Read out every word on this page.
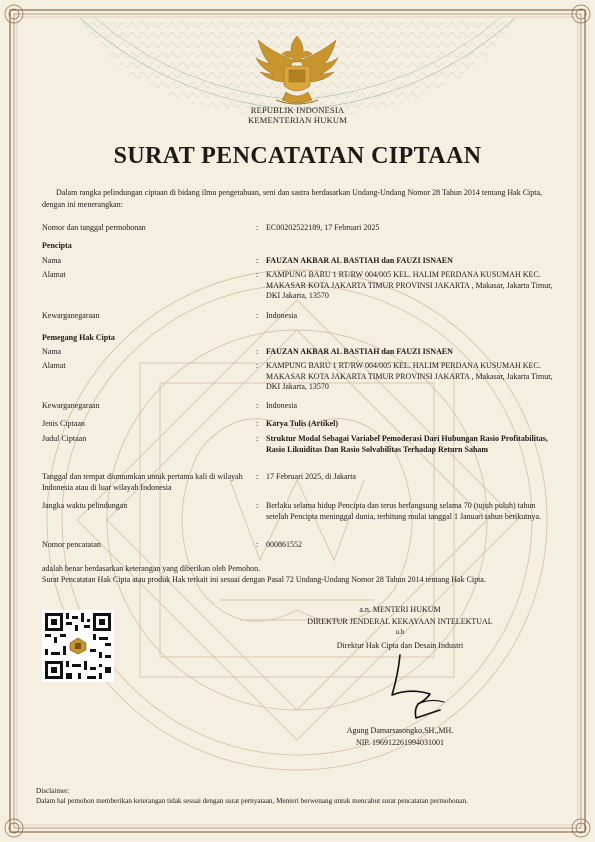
REPUBLIK INDONESIA
KEMENTERIAN HUKUM
SURAT PENCATATAN CIPTAAN
Dalam rangka pelindungan ciptaan di bidang ilmu pengetahuan, seni dan sastra berdasarkan Undang-Undang Nomor 28 Tahun 2014 tentang Hak Cipta, dengan ini menerangkan:
Nomor dan tanggal permohonan	: EC00202522189, 17 Februari 2025
Pencipta
Nama	: FAUZAN AKBAR AL BASTIAH dan FAUZI ISNAEN
Alamat	: KAMPUNG BARU 1 RT/RW 004/005 KEL. HALIM PERDANA KUSUMAH KEC. MAKASAR KOTA JAKARTA TIMUR PROVINSI JAKARTA , Makasar, Jakarta Timur, DKI Jakarta, 13570
Kewarganegaraan	: Indonesia
Pemegang Hak Cipta
Nama	: FAUZAN AKBAR AL BASTIAH dan FAUZI ISNAEN
Alamat	: KAMPUNG BARU 1 RT/RW 004/005 KEL. HALIM PERDANA KUSUMAH KEC. MAKASAR KOTA JAKARTA TIMUR PROVINSI JAKARTA , Makasar, Jakarta Timur, DKI Jakarta, 13570
Kewarganegaraan	: Indonesia
Jenis Ciptaan	: Karya Tulis (Artikel)
Judul Ciptaan	: Struktur Modal Sebagai Variabel Pemoderasi Dari Hubungan Rasio Profitabilitas, Rasio Likuiditas Dan Rasio Solvabilitas Terhadap Return Saham
Tanggal dan tempat diumumkan untuk pertama kali di wilayah Indonesia atau di luar wilayah Indonesia
: 17 Februari 2025, di Jakarta
Jangka waktu pelindungan	: Berlaku selama hidup Pencipta dan terus berlangsung selama 70 (tujuh puluh) tahun setelah Pencipta meninggal dunia, terhitung mulai tanggal 1 Januari tahun berikutnya.
Nomor pencatatan	: 000861552
adalah benar berdasarkan keterangan yang diberikan oleh Pemohon.
Surat Pencatatan Hak Cipta atau produk Hak terkait ini sesuai dengan Pasal 72 Undang-Undang Nomor 28 Tahun 2014 tentang Hak Cipta.
a.n. MENTERI HUKUM
DIREKTUR JENDERAL KEKAYAAN INTELEKTUAL
u.b
Direktur Hak Cipta dan Desain Industri
Agung Damarsasongko,SH.,MH.
NIP. 196912261994031001
Disclaimer:
Dalam hal pemohon memberikan keterangan tidak sesuai dengan surat pernyataan, Menteri berwenang untuk mencabut surat pencatatan permohonan.
